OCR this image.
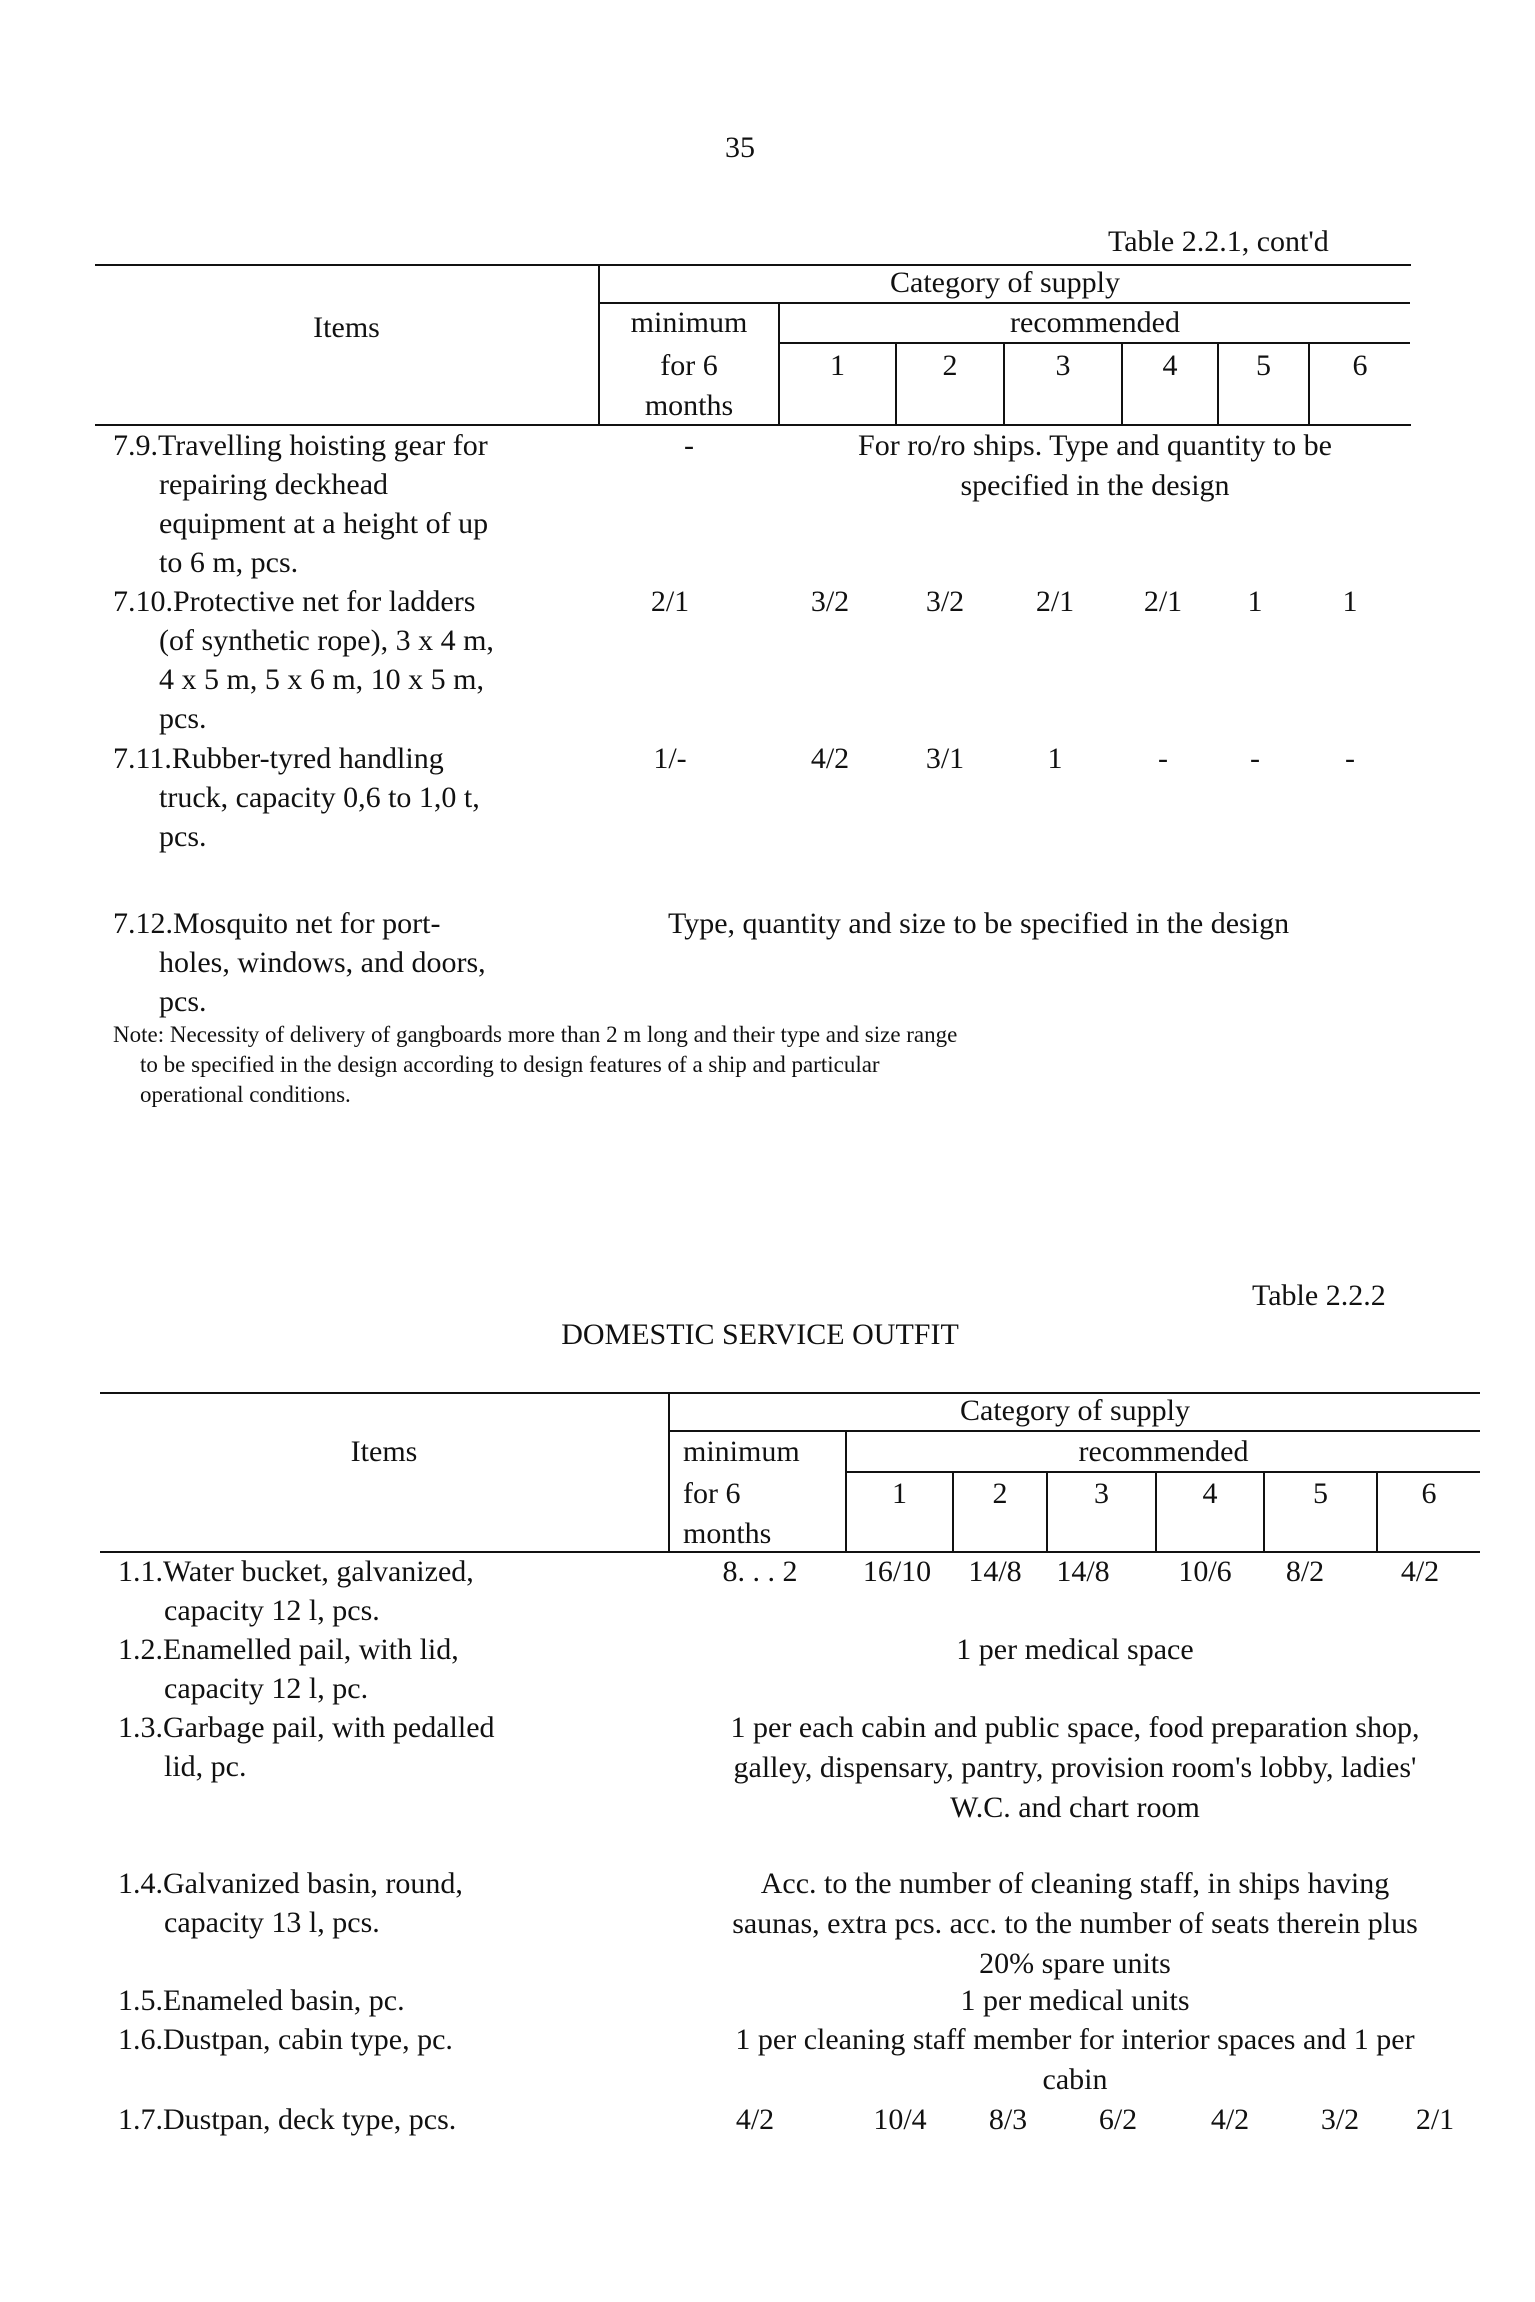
35
Table 2.2.1, cont'd
Items
Category of supply
minimum
for 6
months
recommended
1	2	3	4	5	6
7.9.Travelling hoisting gear for
repairing deckhead
equipment at a height of up
to 6 m, pcs.
-	For ro/ro ships. Type and quantity to be
specified in the design
7.10.Protective net for ladders
(of synthetic rope), 3 x 4 m,
4 x 5 m, 5 x 6 m, 10 x 5 m,
pcs.
2/1	3/2	3/2	2/1	2/1	1	1
7.11.Rubber-tyred handling
truck, capacity 0,6 to 1,0 t,
pcs.
1/-	4/2	3/1	1	-	-	-
7.12.Mosquito net for port-
holes, windows, and doors,
pcs.
Type, quantity and size to be specified in the design
Note: Necessity of delivery of gangboards more than 2 m long and their type and size range
to be specified in the design according to design features of a ship and particular
operational conditions.
Table 2.2.2
DOMESTIC SERVICE OUTFIT
Items
Category of supply
minimum
for 6
months
recommended
1	2	3	4	5	6
1.1.Water bucket, galvanized,
capacity 12 l, pcs.
8. . . 2	16/10	14/8	14/8	10/6	8/2	4/2
1.2.Enamelled pail, with lid,
capacity 12 l, pc.
1 per medical space
1.3.Garbage pail, with pedalled
lid, pc.
1 per each cabin and public space, food preparation shop,
galley, dispensary, pantry, provision room's lobby, ladies'
W.C. and chart room
1.4.Galvanized basin, round,
capacity 13 l, pcs.
Acc. to the number of cleaning staff, in ships having
saunas, extra pcs. acc. to the number of seats therein plus
20% spare units
1.5.Enameled basin, pc.	1 per medical units
1.6.Dustpan, cabin type, pc.	1 per cleaning staff member for interior spaces and 1 per
cabin
1.7.Dustpan, deck type, pcs.	4/2	10/4	8/3	6/2	4/2	3/2	2/1
